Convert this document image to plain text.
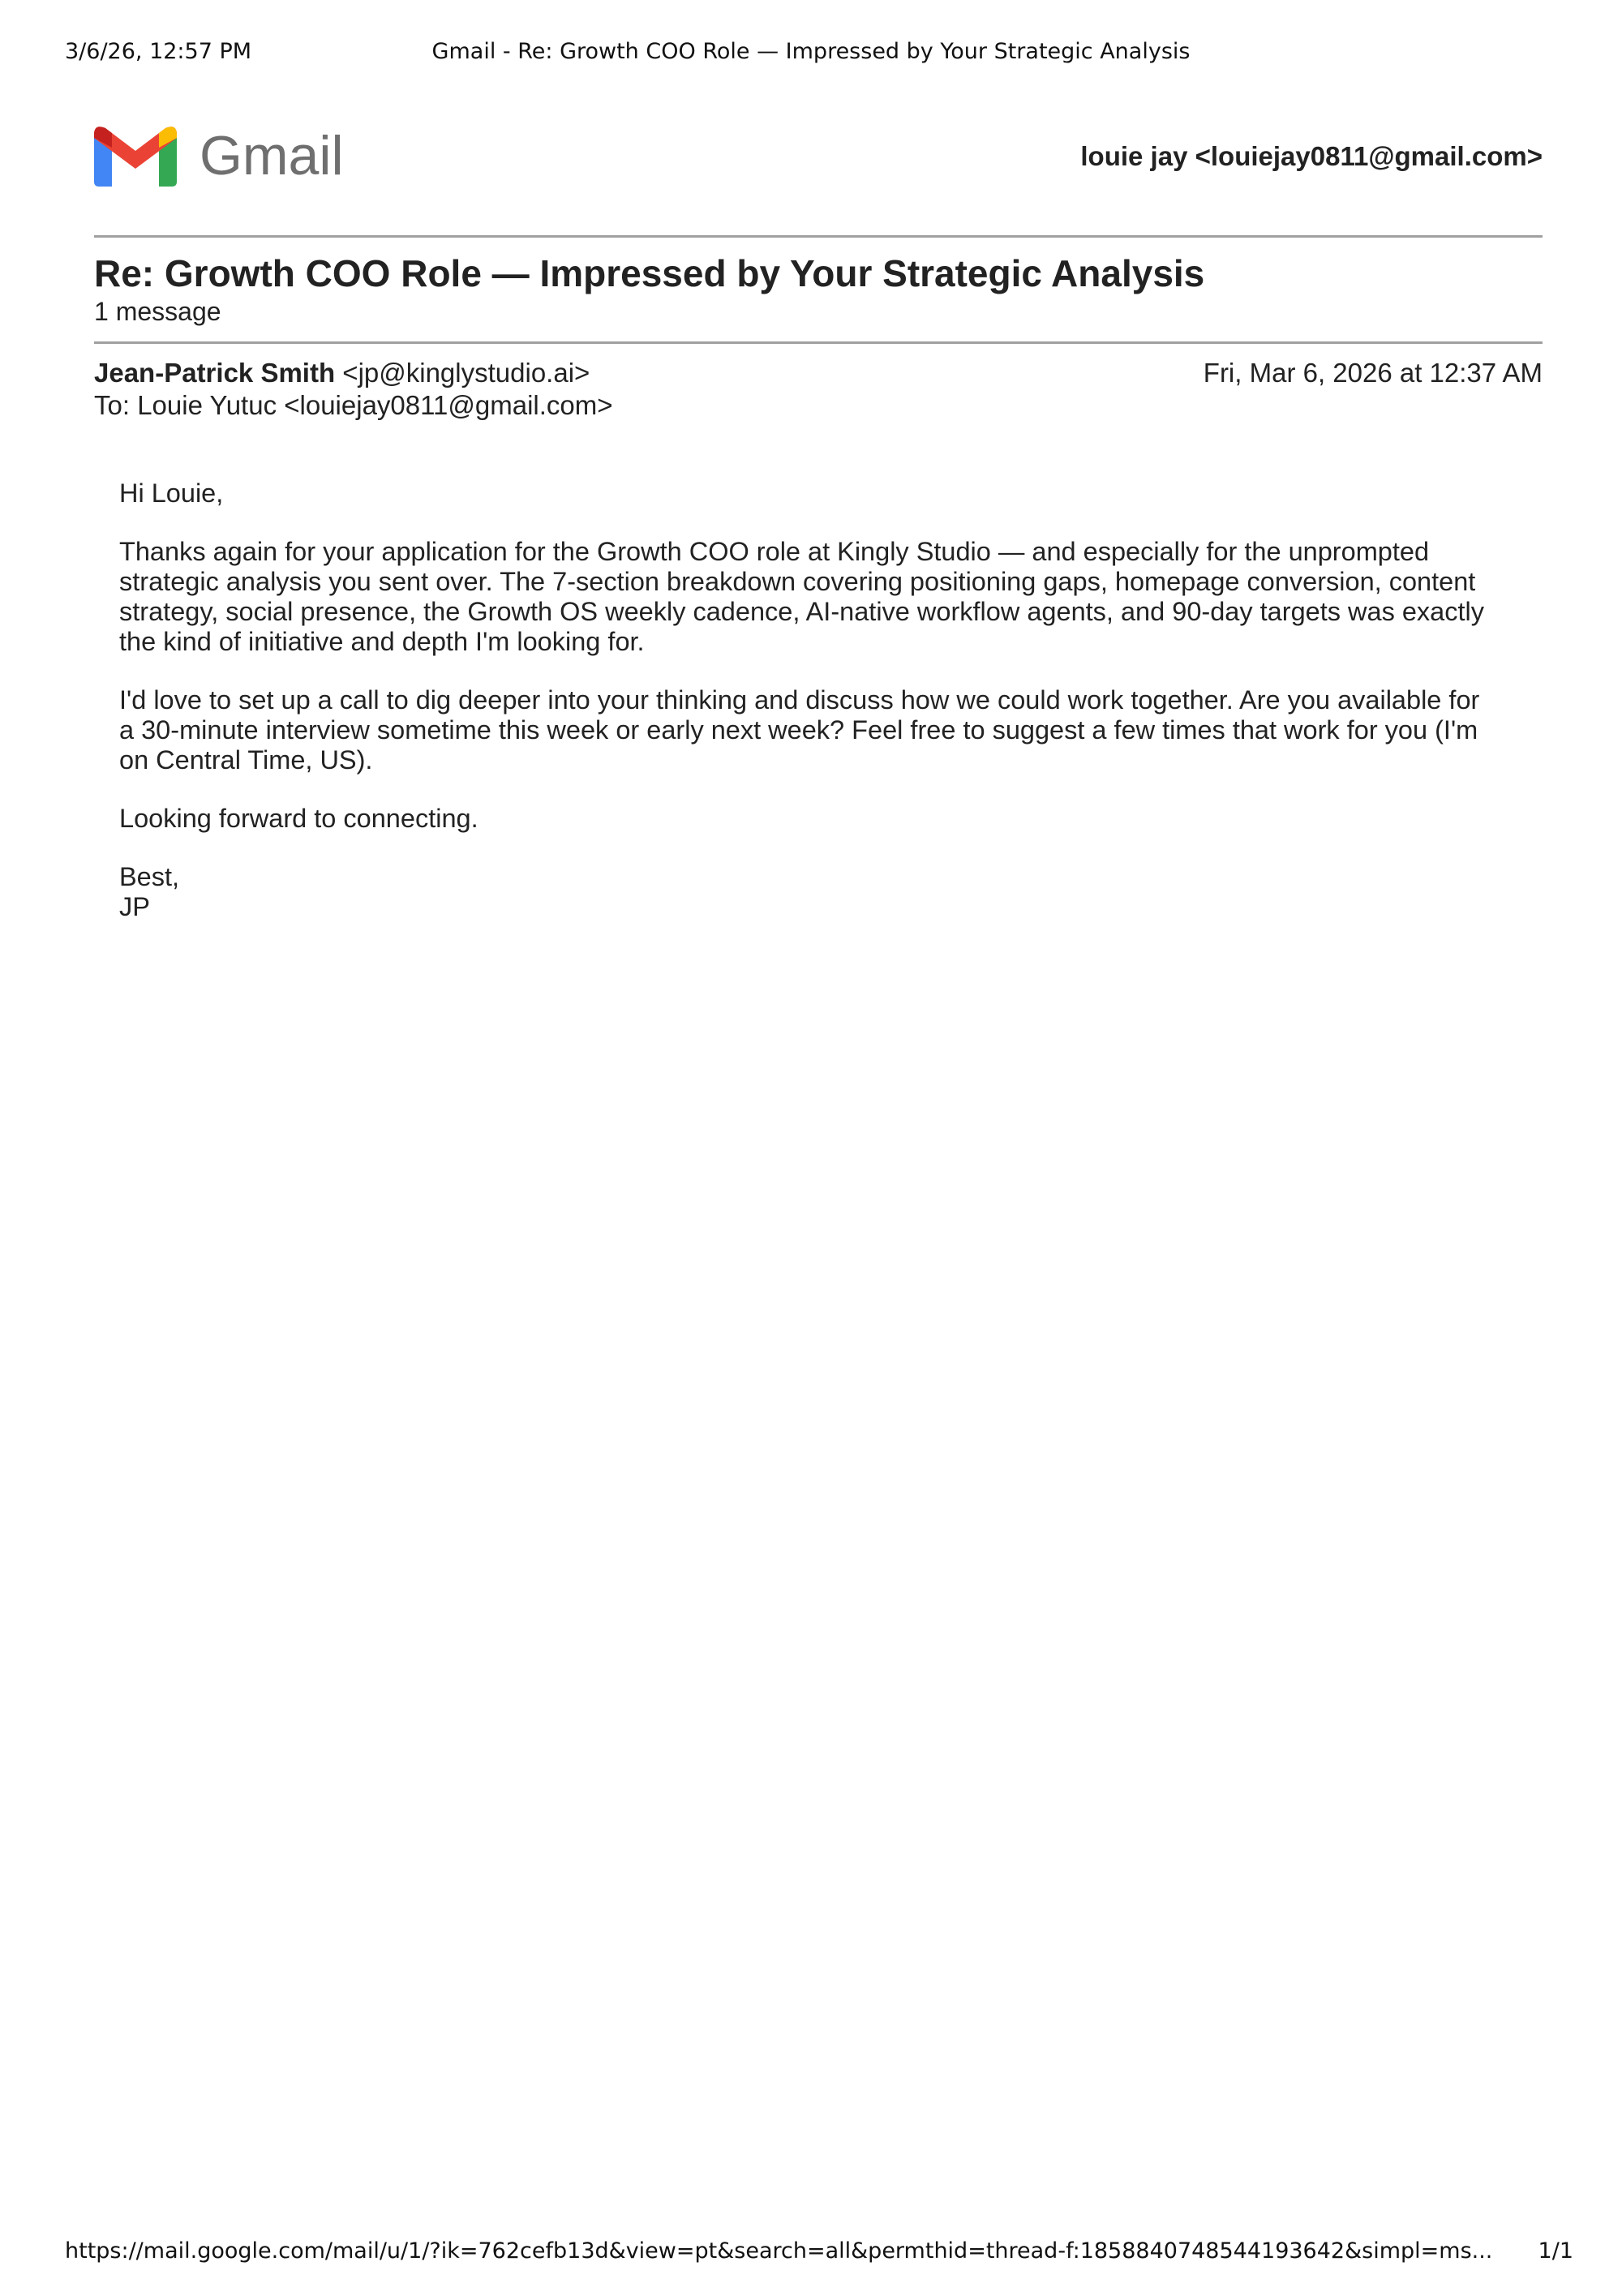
3/6/26, 12:57 PM	Gmail - Re: Growth COO Role — Impressed by Your Strategic Analysis
Gmail	louie jay <louiejay0811@gmail.com>
Re: Growth COO Role — Impressed by Your Strategic Analysis
1 message
Jean-Patrick Smith <jp@kinglystudio.ai>
To: Louie Yutuc <louiejay0811@gmail.com>
Fri, Mar 6, 2026 at 12:37 AM

Hi Louie,

Thanks again for your application for the Growth COO role at Kingly Studio — and especially for the unprompted
strategic analysis you sent over. The 7-section breakdown covering positioning gaps, homepage conversion, content
strategy, social presence, the Growth OS weekly cadence, AI-native workflow agents, and 90-day targets was exactly
the kind of initiative and depth I'm looking for.

I'd love to set up a call to dig deeper into your thinking and discuss how we could work together. Are you available for
a 30-minute interview sometime this week or early next week? Feel free to suggest a few times that work for you (I'm
on Central Time, US).

Looking forward to connecting.

Best,
JP

https://mail.google.com/mail/u/1/?ik=762cefb13d&view=pt&search=all&permthid=thread-f:1858840748544193642&simpl=ms... 1/1
